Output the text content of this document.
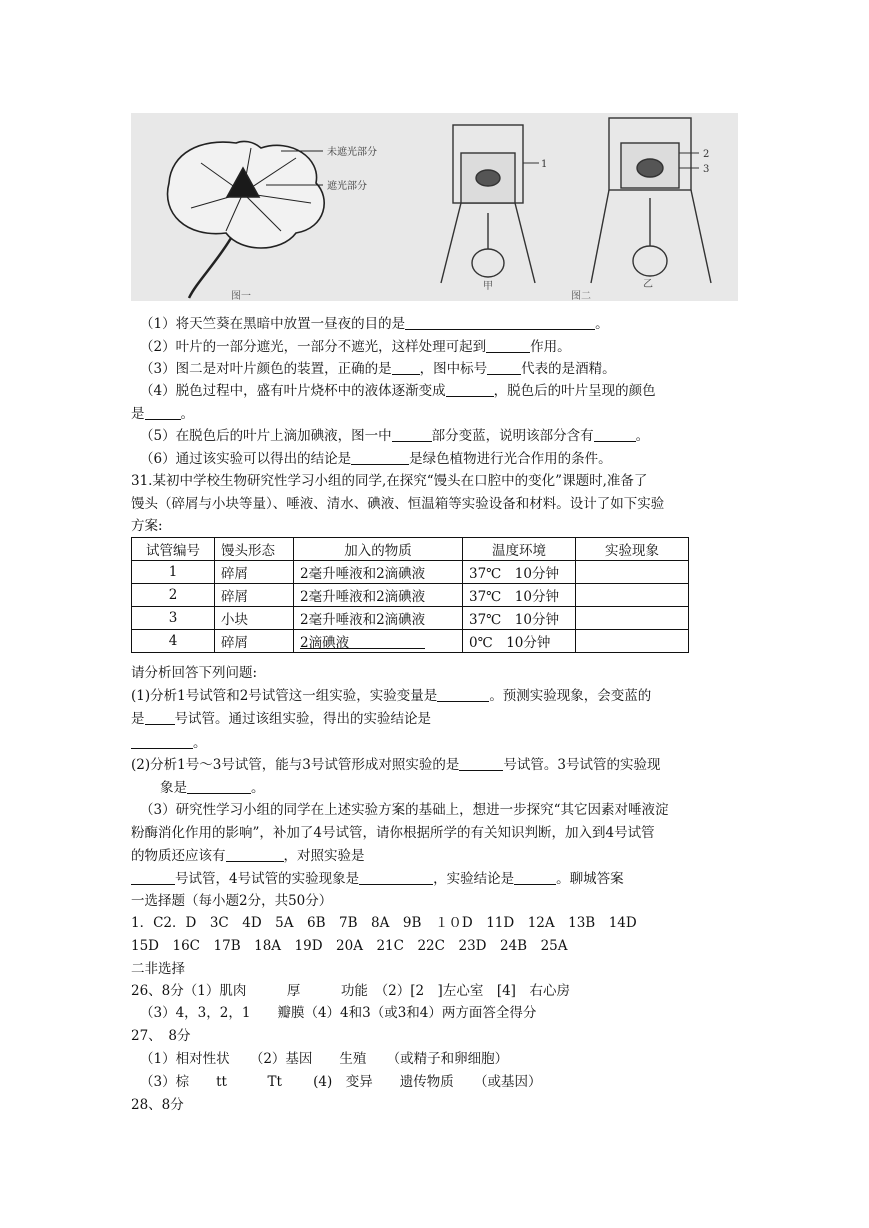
未遮光部分
遮光部分
图一
1
甲
2
3
乙
图二
（1）将天竺葵在黑暗中放置一昼夜的目的是	。
（2）叶片的一部分遮光，一部分不遮光，这样处理可起到	作用。
（3）图二是对叶片颜色的装置，正确的是 ，图中标号	代表的是酒精。
（4）脱色过程中，盛有叶片烧杯中的液体逐渐变成	，脱色后的叶片呈现的颜色
是	。
（5）在脱色后的叶片上滴加碘液，图一中	部分变蓝，说明该部分含有	。
（6）通过该实验可以得出的结论是	是绿色植物进行光合作用的条件。
31.某初中学校生物研究性学习小组的同学,在探究“馒头在口腔中的变化”课题时,准备了
馒头（碎屑与小块等量）、唾液、清水、碘液、恒温箱等实验设备和材料。设计了如下实验
方案:
试管编号	馒头形态	加入的物质	温度环境	实验现象
1	碎屑	2毫升唾液和2滴碘液	37℃　10分钟	
2	碎屑	2毫升唾液和2滴碘液	37℃　10分钟	
3	小块	2毫升唾液和2滴碘液	37℃　10分钟	
4	碎屑	2滴碘液	0℃　10分钟	
请分析回答下列问题:
(1)分析1号试管和2号试管这一组实验，实验变量是	。预测实验现象，会变蓝的
是 号试管。通过该组实验，得出的实验结论是
。
(2)分析1号～3号试管，能与3号试管形成对照实验的是	号试管。3号试管的实验现
象是	。
（3）研究性学习小组的同学在上述实验方案的基础上，想进一步探究“其它因素对唾液淀
粉酶消化作用的影响”，补加了4号试管，请你根据所学的有关知识判断，加入到4号试管
的物质还应该有	，对照实验是
号试管，4号试管的实验现象是	，实验结论是	。聊城答案
一选择题（每小题2分，共50分）
1．C2．D　3C　4D　5A　6B　7B　8A　9B　１０D　11D　12A　13B　14D
15D　16C　17B　18A　19D　20A　21C　22C　23D　24B　25A
二非选择
26、8分（1）肌肉　　　厚　　　功能　（2）[2　]左心室　[4]　右心房
（3）4，3，2，1　　瓣膜（4）4和3（或3和4）两方面答全得分
27、　8分
（1）相对性状　　（2）基因　　生殖　　（或精子和卵细胞）
（3）棕　　tt　　　Tt　　 (4)　变异　　遗传物质　　（或基因）
28、8分
